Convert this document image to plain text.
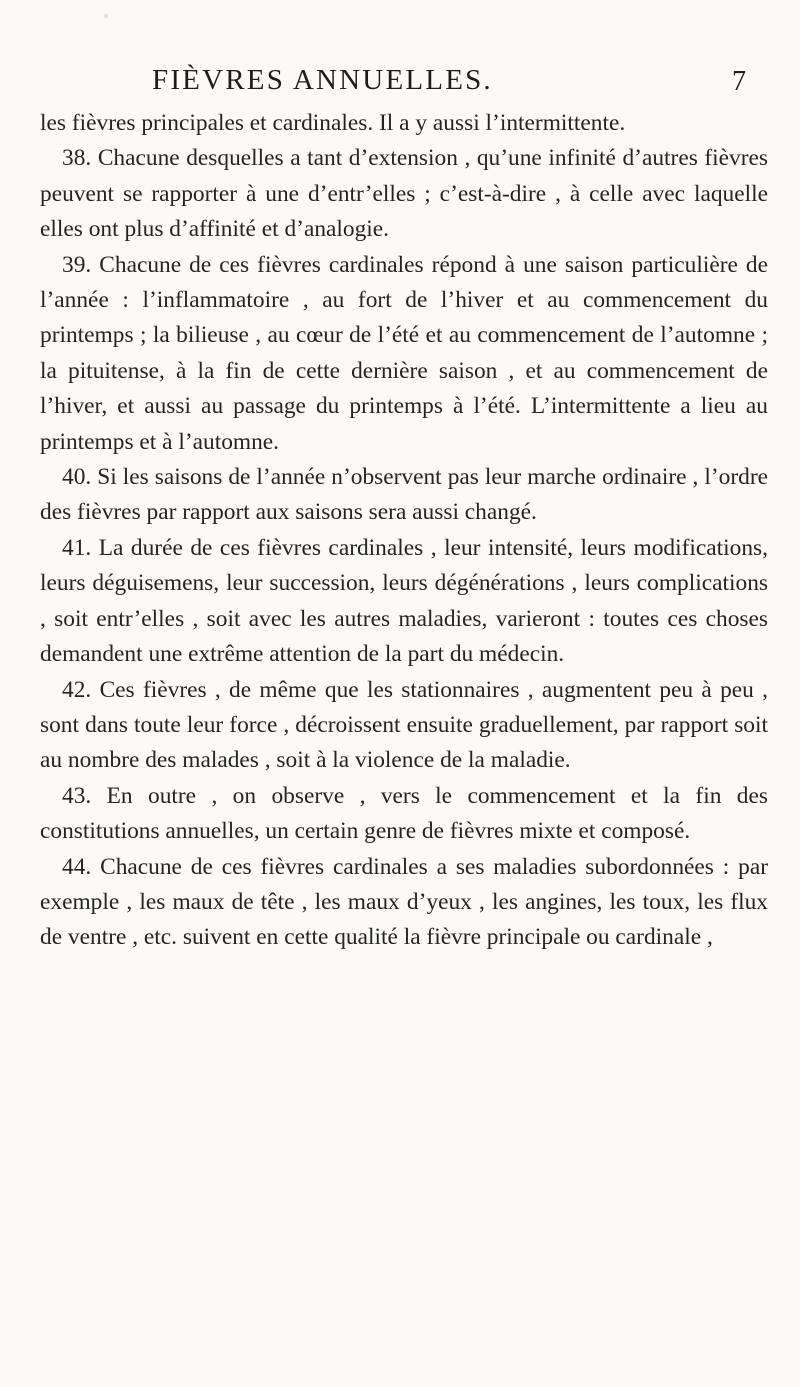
FIÈVRES ANNUELLES.	7

les fièvres principales et cardinales. Il a y aussi l’intermittente.

38. Chacune desquelles a tant d’extension , qu’une infinité d’autres fièvres peuvent se rapporter à une d’entr’elles ; c’est-à-dire , à celle avec laquelle elles ont plus d’affinité et d’analogie.

39. Chacune de ces fièvres cardinales répond à une saison particulière de l’année : l’inflammatoire , au fort de l’hiver et au commencement du printemps ; la bilieuse , au cœur de l’été et au commencement de l’automne ; la pituitense, à la fin de cette dernière saison , et au commencement de l’hiver, et aussi au passage du printemps à l’été. L’intermittente a lieu au printemps et à l’automne.

40. Si les saisons de l’année n’observent pas leur marche ordinaire , l’ordre des fièvres par rapport aux saisons sera aussi changé.

41. La durée de ces fièvres cardinales , leur intensité, leurs modifications, leurs déguisemens, leur succession, leurs dégénérations , leurs complications , soit entr’elles , soit avec les autres maladies, varieront : toutes ces choses demandent une extrême attention de la part du médecin.

42. Ces fièvres , de même que les stationnaires , augmentent peu à peu , sont dans toute leur force , décroissent ensuite graduellement, par rapport soit au nombre des malades , soit à la violence de la maladie.

43. En outre , on observe , vers le commencement et la fin des constitutions annuelles, un certain genre de fièvres mixte et composé.

44. Chacune de ces fièvres cardinales a ses maladies subordonnées : par exemple , les maux de tête , les maux d’yeux , les angines, les toux, les flux de ventre , etc. suivent en cette qualité la fièvre principale ou cardinale ,
